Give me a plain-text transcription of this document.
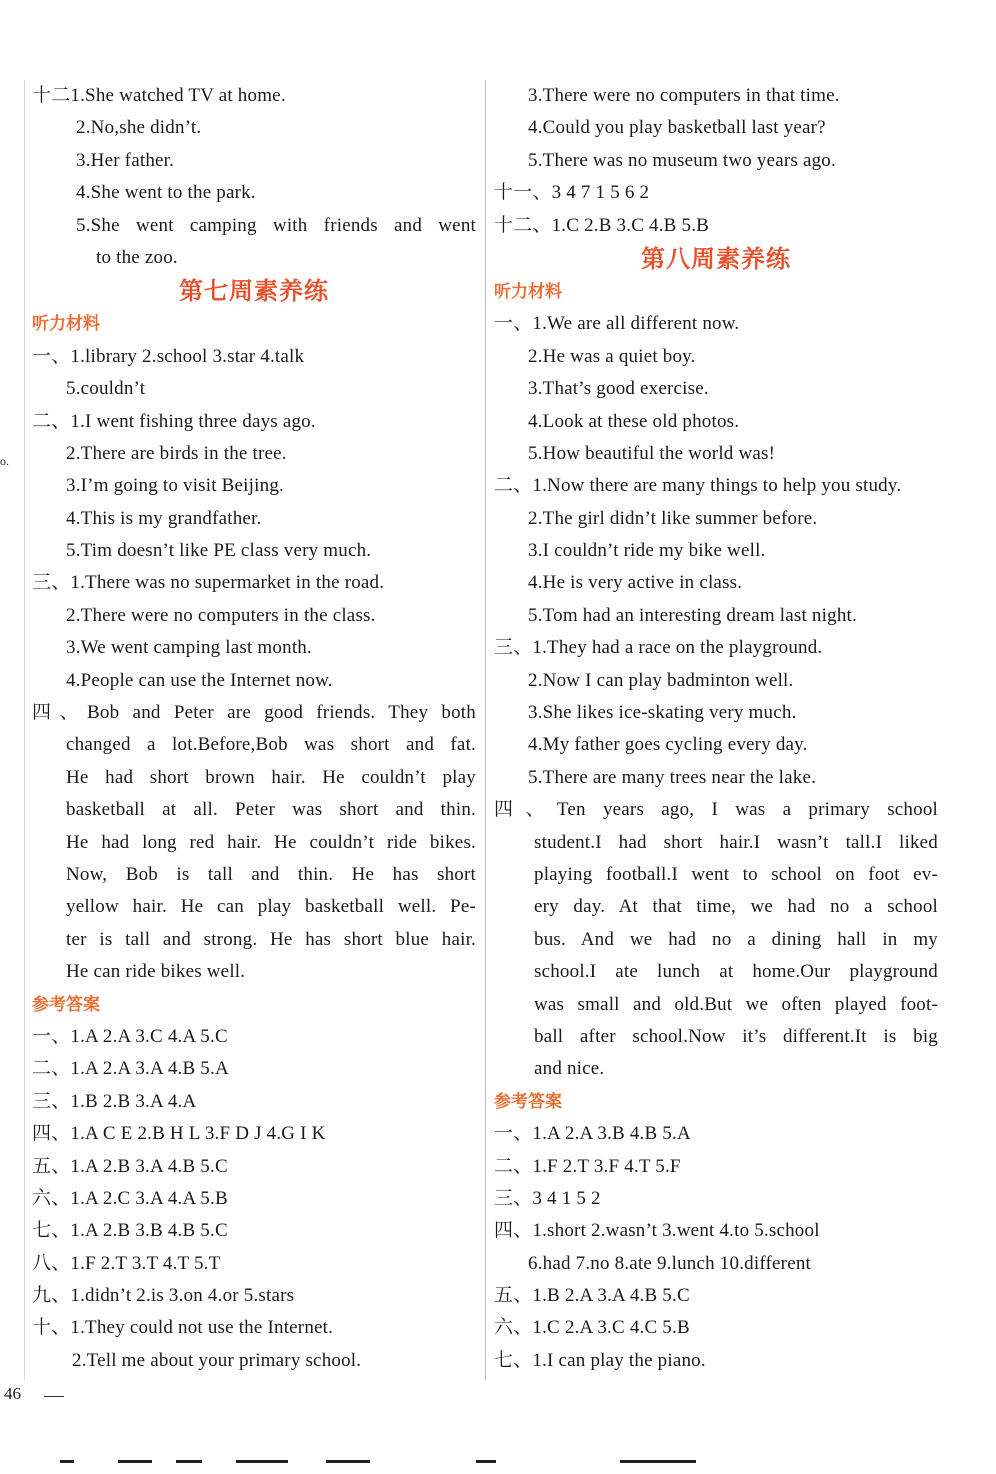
o.
十二1.She watched TV at home.
2.No,she didn’t.
3.Her father.
4.She went to the park.
5.She went camping with friends and went
to the zoo.
第七周素养练
听力材料
一、1.library 2.school 3.star 4.talk
5.couldn’t
二、1.I went fishing three days ago.
2.There are birds in the tree.
3.I’m going to visit Beijing.
4.This is my grandfather.
5.Tim doesn’t like PE class very much.
三、1.There was no supermarket in the road.
2.There were no computers in the class.
3.We went camping last month.
4.People can use the Internet now.
四、Bob and Peter are good friends. They both
changed a lot.Before,Bob was short and fat.
He had short brown hair. He couldn’t play
basketball at all. Peter was short and thin.
He had long red hair. He couldn’t ride bikes.
Now, Bob is tall and thin. He has short
yellow hair. He can play basketball well. Pe-
ter is tall and strong. He has short blue hair.
He can ride bikes well.
参考答案
一、1.A 2.A 3.C 4.A 5.C
二、1.A 2.A 3.A 4.B 5.A
三、1.B 2.B 3.A 4.A
四、1.A C E 2.B H L 3.F D J 4.G I K
五、1.A 2.B 3.A 4.B 5.C
六、1.A 2.C 3.A 4.A 5.B
七、1.A 2.B 3.B 4.B 5.C
八、1.F 2.T 3.T 4.T 5.T
九、1.didn’t 2.is 3.on 4.or 5.stars
十、1.They could not use the Internet.
2.Tell me about your primary school.
3.There were no computers in that time.
4.Could you play basketball last year?
5.There was no museum two years ago.
十一、3 4 7 1 5 6 2
十二、1.C 2.B 3.C 4.B 5.B
第八周素养练
听力材料
一、1.We are all different now.
2.He was a quiet boy.
3.That’s good exercise.
4.Look at these old photos.
5.How beautiful the world was!
二、1.Now there are many things to help you study.
2.The girl didn’t like summer before.
3.I couldn’t ride my bike well.
4.He is very active in class.
5.Tom had an interesting dream last night.
三、1.They had a race on the playground.
2.Now I can play badminton well.
3.She likes ice-skating very much.
4.My father goes cycling every day.
5.There are many trees near the lake.
四、Ten years ago, I was a primary school
student.I had short hair.I wasn’t tall.I liked
playing football.I went to school on foot ev-
ery day. At that time, we had no a school
bus. And we had no a dining hall in my
school.I ate lunch at home.Our playground
was small and old.But we often played foot-
ball after school.Now it’s different.It is big
and nice.
参考答案
一、1.A 2.A 3.B 4.B 5.A
二、1.F 2.T 3.F 4.T 5.F
三、3 4 1 5 2
四、1.short 2.wasn’t 3.went 4.to 5.school
6.had 7.no 8.ate 9.lunch 10.different
五、1.B 2.A 3.A 4.B 5.C
六、1.C 2.A 3.C 4.C 5.B
七、1.I can play the piano.
46
